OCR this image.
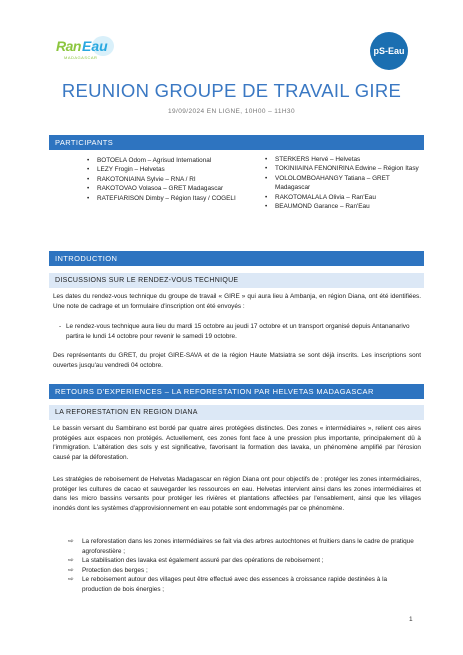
Ran Eau
MADAGASCAR
pS-Eau
REUNION GROUPE DE TRAVAIL GIRE
19/09/2024 EN LIGNE, 10H00 – 11H30
PARTICIPANTS
• BOTOELA Odom – Agrisud International
• LEZY Frogin – Helvetas
• RAKOTONIAINA Sylvie – RNA / RI
• RAKOTOVAO Volasoa – GRET Madagascar
• RATEFIARISON Dimby – Région Itasy / COGELI
• STERKERS Hervé – Helvetas
• TOKINIIAINA FENONIRINA Edwine – Région Itasy
• VOLOLOMBOAHANGY Tatiana – GRET Madagascar
• RAKOTOMALALA Olivia – Ran'Eau
• BEAUMOND Garance – Ran'Eau
INTRODUCTION
DISCUSSIONS SUR LE RENDEZ-VOUS TECHNIQUE
Les dates du rendez-vous technique du groupe de travail « GIRE » qui aura lieu à Ambanja, en région Diana, ont été identifiées. Une note de cadrage et un formulaire d'inscription ont été envoyés :
- Le rendez-vous technique aura lieu du mardi 15 octobre au jeudi 17 octobre et un transport organisé depuis Antananarivo partira le lundi 14 octobre pour revenir le samedi 19 octobre.
Des représentants du GRET, du projet GIRE-SAVA et de la région Haute Matsiatra se sont déjà inscrits. Les inscriptions sont ouvertes jusqu'au vendredi 04 octobre.
RETOURS D'EXPERIENCES – LA REFORESTATION PAR HELVETAS MADAGASCAR
LA REFORESTATION EN REGION DIANA
Le bassin versant du Sambirano est bordé par quatre aires protégées distinctes. Des zones « intermédiaires », relient ces aires protégées aux espaces non protégés. Actuellement, ces zones font face à une pression plus importante, principalement dû à l'immigration. L'altération des sols y est significative, favorisant la formation des lavaka, un phénomène amplifié par l'érosion causé par la déforestation.
Les stratégies de reboisement de Helvetas Madagascar en région Diana ont pour objectifs de : protéger les zones intermédiaires, protéger les cultures de cacao et sauvegarder les ressources en eau. Helvetas intervient ainsi dans les zones intermédiaires et dans les micro bassins versants pour protéger les rivières et plantations affectées par l'ensablement, ainsi que les villages inondés dont les systèmes d'approvisionnement en eau potable sont endommagés par ce phénomène.
⇨ La reforestation dans les zones intermédiaires se fait via des arbres autochtones et fruitiers dans le cadre de pratique agroforestière ;
⇨ La stabilisation des lavaka est également assuré par des opérations de reboisement ;
⇨ Protection des berges ;
⇨ Le reboisement autour des villages peut être effectué avec des essences à croissance rapide destinées à la production de bois énergies ;
1
